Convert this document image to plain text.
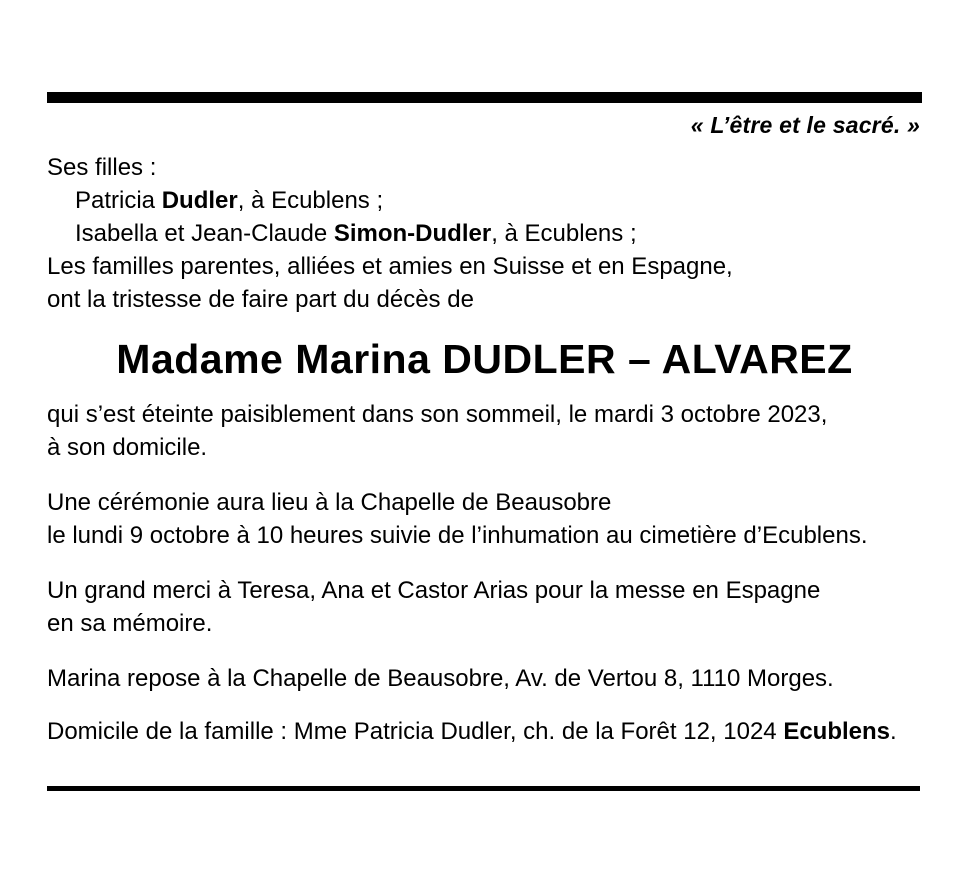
« L’être et le sacré. »
Ses filles :
Patricia Dudler, à Ecublens ;
Isabella et Jean-Claude Simon-Dudler, à Ecublens ;
Les familles parentes, alliées et amies en Suisse et en Espagne,
ont la tristesse de faire part du décès de
Madame Marina DUDLER – ALVAREZ
qui s’est éteinte paisiblement dans son sommeil, le mardi 3 octobre 2023,
à son domicile.
Une cérémonie aura lieu à la Chapelle de Beausobre
le lundi 9 octobre à 10 heures suivie de l’inhumation au cimetière d’Ecublens.
Un grand merci à Teresa, Ana et Castor Arias pour la messe en Espagne
en sa mémoire.
Marina repose à la Chapelle de Beausobre, Av. de Vertou 8, 1110 Morges.
Domicile de la famille : Mme Patricia Dudler, ch. de la Forêt 12, 1024 Ecublens.
